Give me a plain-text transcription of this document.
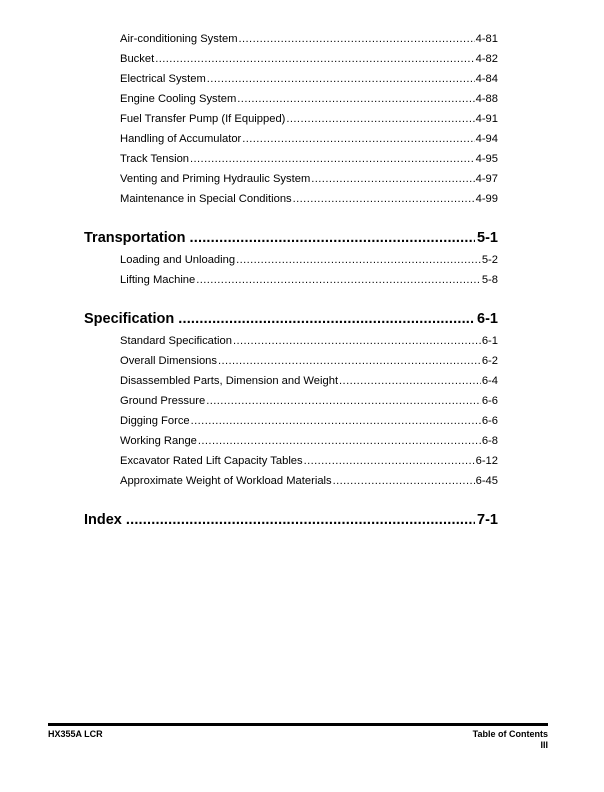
Air-conditioning System .....	4-81
Bucket .....	4-82
Electrical System .....	4-84
Engine Cooling System .....	4-88
Fuel Transfer Pump (If Equipped) .....	4-91
Handling of Accumulator .....	4-94
Track Tension .....	4-95
Venting and Priming Hydraulic System .....	4-97
Maintenance in Special Conditions .....	4-99
Transportation .....	5-1
Loading and Unloading .....	5-2
Lifting Machine .....	5-8
Specification .....	6-1
Standard Specification .....	6-1
Overall Dimensions .....	6-2
Disassembled Parts, Dimension and Weight .....	6-4
Ground Pressure .....	6-6
Digging Force .....	6-6
Working Range .....	6-8
Excavator Rated Lift Capacity Tables .....	6-12
Approximate Weight of Workload Materials .....	6-45
Index .....	7-1
HX355A LCR	Table of Contents
III
